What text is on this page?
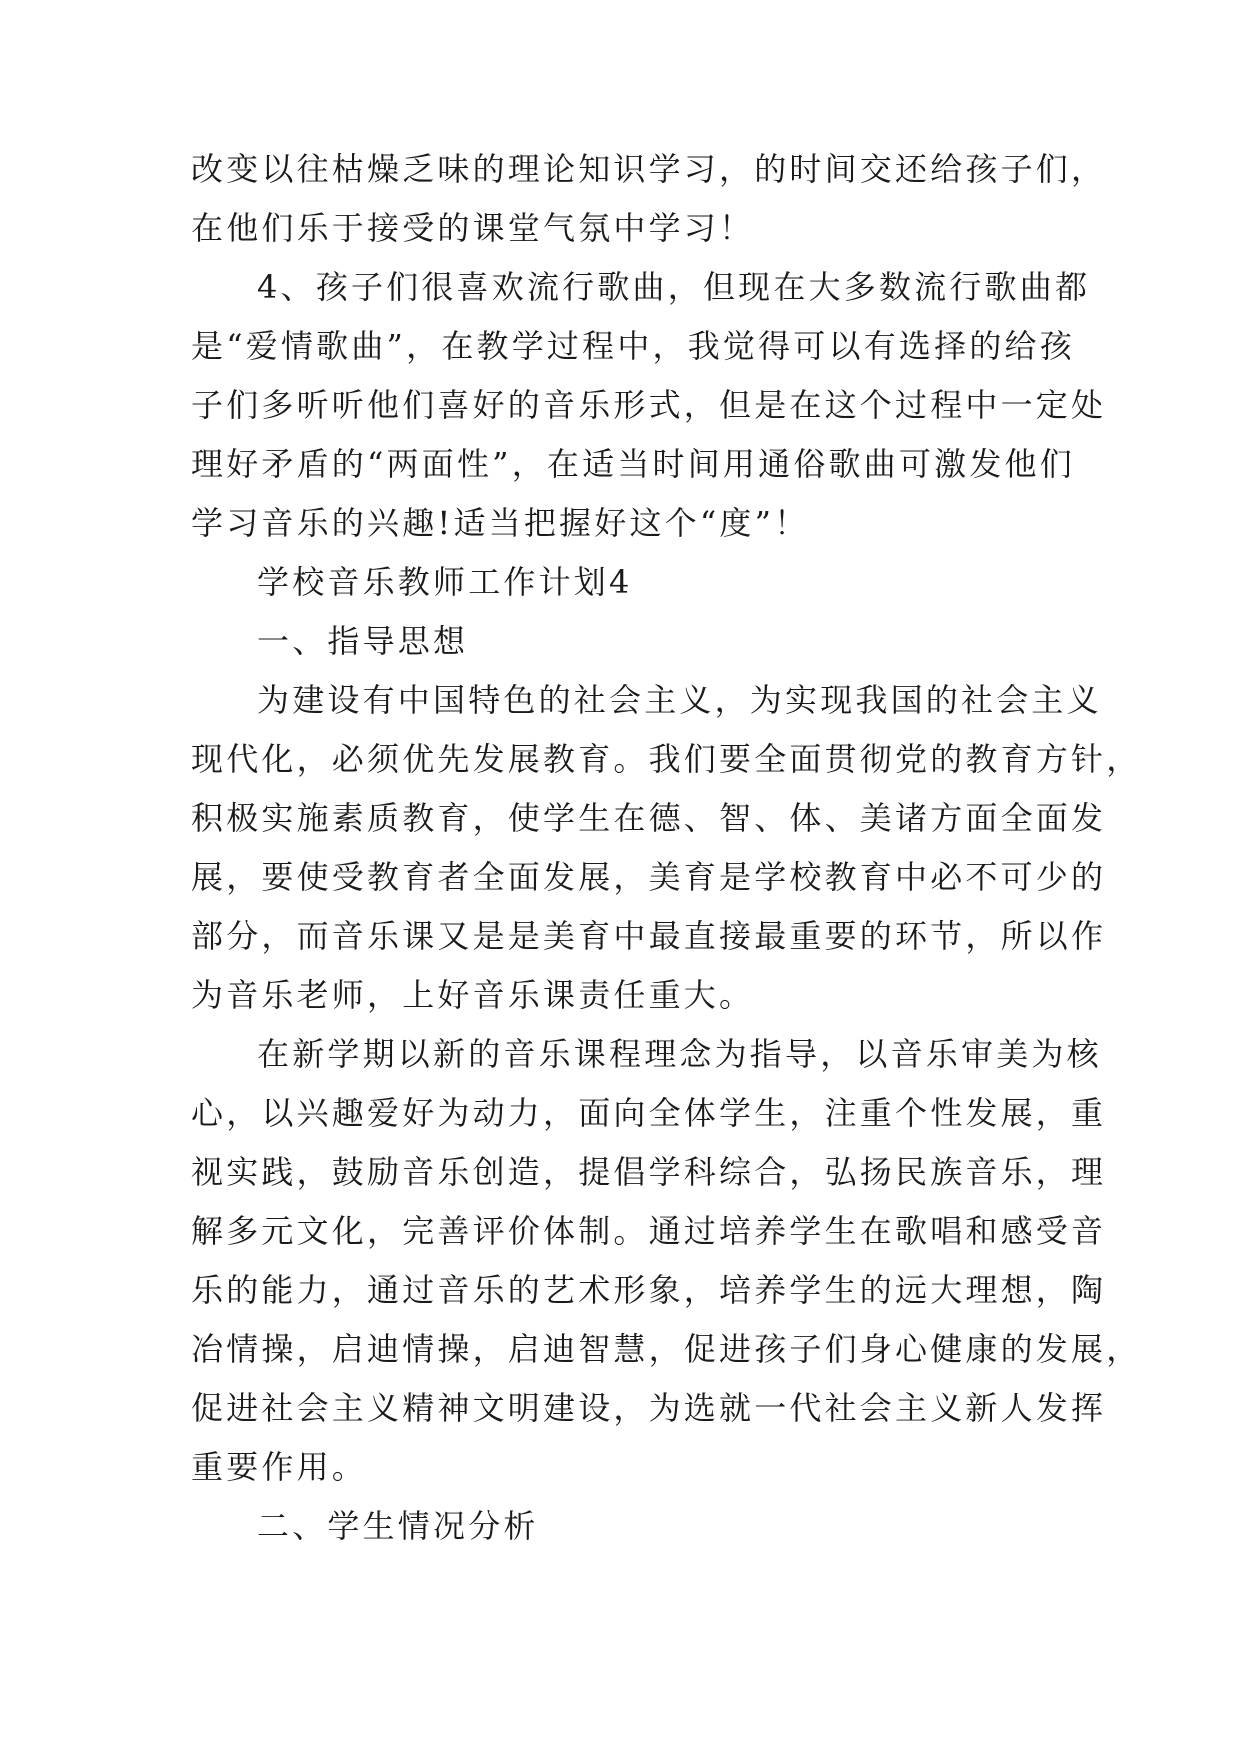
改变以往枯燥乏味的理论知识学习，的时间交还给孩子们，
在他们乐于接受的课堂气氛中学习！
4、孩子们很喜欢流行歌曲，但现在大多数流行歌曲都
是“爱情歌曲”，在教学过程中，我觉得可以有选择的给孩
子们多听听他们喜好的音乐形式，但是在这个过程中一定处
理好矛盾的“两面性”，在适当时间用通俗歌曲可激发他们
学习音乐的兴趣!适当把握好这个“度”！
学校音乐教师工作计划4
一、指导思想
为建设有中国特色的社会主义，为实现我国的社会主义
现代化，必须优先发展教育。我们要全面贯彻党的教育方针，
积极实施素质教育，使学生在德、智、体、美诸方面全面发
展，要使受教育者全面发展，美育是学校教育中必不可少的
部分，而音乐课又是是美育中最直接最重要的环节，所以作
为音乐老师，上好音乐课责任重大。
在新学期以新的音乐课程理念为指导，以音乐审美为核
心，以兴趣爱好为动力，面向全体学生，注重个性发展，重
视实践，鼓励音乐创造，提倡学科综合，弘扬民族音乐，理
解多元文化，完善评价体制。通过培养学生在歌唱和感受音
乐的能力，通过音乐的艺术形象，培养学生的远大理想，陶
冶情操，启迪情操，启迪智慧，促进孩子们身心健康的发展，
促进社会主义精神文明建设，为选就一代社会主义新人发挥
重要作用。
二、学生情况分析
